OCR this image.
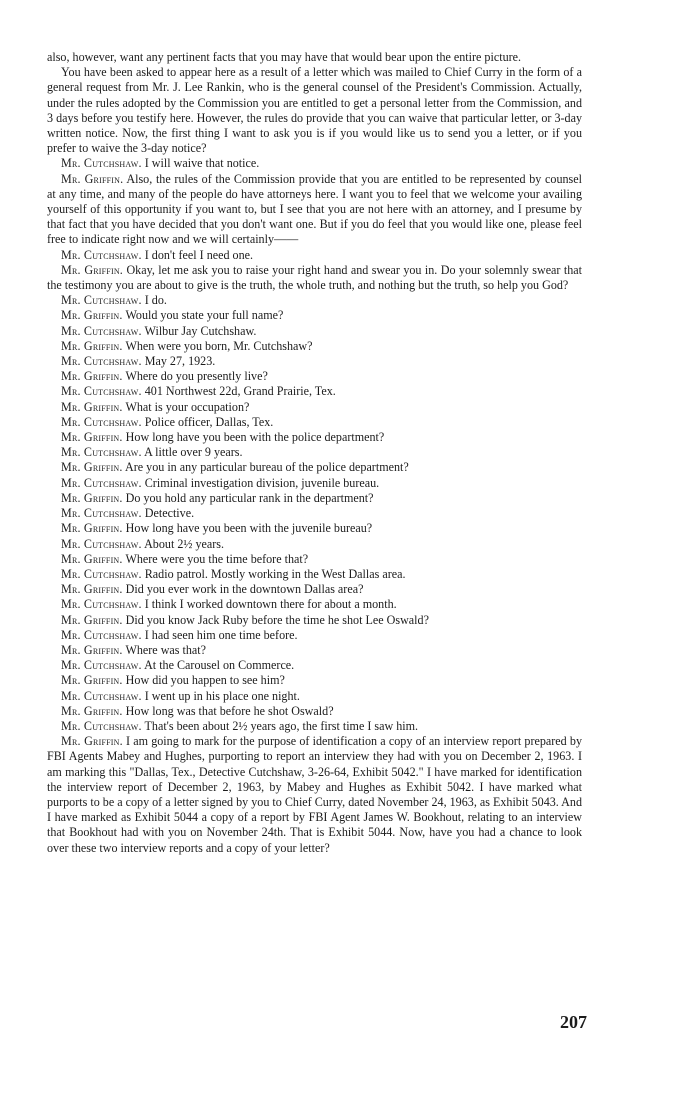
also, however, want any pertinent facts that you may have that would bear upon the entire picture.

You have been asked to appear here as a result of a letter which was mailed to Chief Curry in the form of a general request from Mr. J. Lee Rankin, who is the general counsel of the President's Commission. Actually, under the rules adopted by the Commission you are entitled to get a personal letter from the Commission, and 3 days before you testify here. However, the rules do provide that you can waive that particular letter, or 3-day written notice. Now, the first thing I want to ask you is if you would like us to send you a letter, or if you prefer to waive the 3-day notice?

Mr. Cutchshaw. I will waive that notice.

Mr. Griffin. Also, the rules of the Commission provide that you are entitled to be represented by counsel at any time, and many of the people do have attorneys here. I want you to feel that we welcome your availing yourself of this opportunity if you want to, but I see that you are not here with an attorney, and I presume by that fact that you have decided that you don't want one. But if you do feel that you would like one, please feel free to indicate right now and we will certainly——

Mr. Cutchshaw. I don't feel I need one.

Mr. Griffin. Okay, let me ask you to raise your right hand and swear you in. Do your solemnly swear that the testimony you are about to give is the truth, the whole truth, and nothing but the truth, so help you God?

Mr. Cutchshaw. I do.

Mr. Griffin. Would you state your full name?

Mr. Cutchshaw. Wilbur Jay Cutchshaw.

Mr. Griffin. When were you born, Mr. Cutchshaw?

Mr. Cutchshaw. May 27, 1923.

Mr. Griffin. Where do you presently live?

Mr. Cutchshaw. 401 Northwest 22d, Grand Prairie, Tex.

Mr. Griffin. What is your occupation?

Mr. Cutchshaw. Police officer, Dallas, Tex.

Mr. Griffin. How long have you been with the police department?

Mr. Cutchshaw. A little over 9 years.

Mr. Griffin. Are you in any particular bureau of the police department?

Mr. Cutchshaw. Criminal investigation division, juvenile bureau.

Mr. Griffin. Do you hold any particular rank in the department?

Mr. Cutchshaw. Detective.

Mr. Griffin. How long have you been with the juvenile bureau?

Mr. Cutchshaw. About 2½ years.

Mr. Griffin. Where were you the time before that?

Mr. Cutchshaw. Radio patrol. Mostly working in the West Dallas area.

Mr. Griffin. Did you ever work in the downtown Dallas area?

Mr. Cutchshaw. I think I worked downtown there for about a month.

Mr. Griffin. Did you know Jack Ruby before the time he shot Lee Oswald?

Mr. Cutchshaw. I had seen him one time before.

Mr. Griffin. Where was that?

Mr. Cutchshaw. At the Carousel on Commerce.

Mr. Griffin. How did you happen to see him?

Mr. Cutchshaw. I went up in his place one night.

Mr. Griffin. How long was that before he shot Oswald?

Mr. Cutchshaw. That's been about 2½ years ago, the first time I saw him.

Mr. Griffin. I am going to mark for the purpose of identification a copy of an interview report prepared by FBI Agents Mabey and Hughes, purporting to report an interview they had with you on December 2, 1963. I am marking this "Dallas, Tex., Detective Cutchshaw, 3-26-64, Exhibit 5042." I have marked for identification the interview report of December 2, 1963, by Mabey and Hughes as Exhibit 5042. I have marked what purports to be a copy of a letter signed by you to Chief Curry, dated November 24, 1963, as Exhibit 5043. And I have marked as Exhibit 5044 a copy of a report by FBI Agent James W. Bookhout, relating to an interview that Bookhout had with you on November 24th. That is Exhibit 5044. Now, have you had a chance to look over these two interview reports and a copy of your letter?

207
